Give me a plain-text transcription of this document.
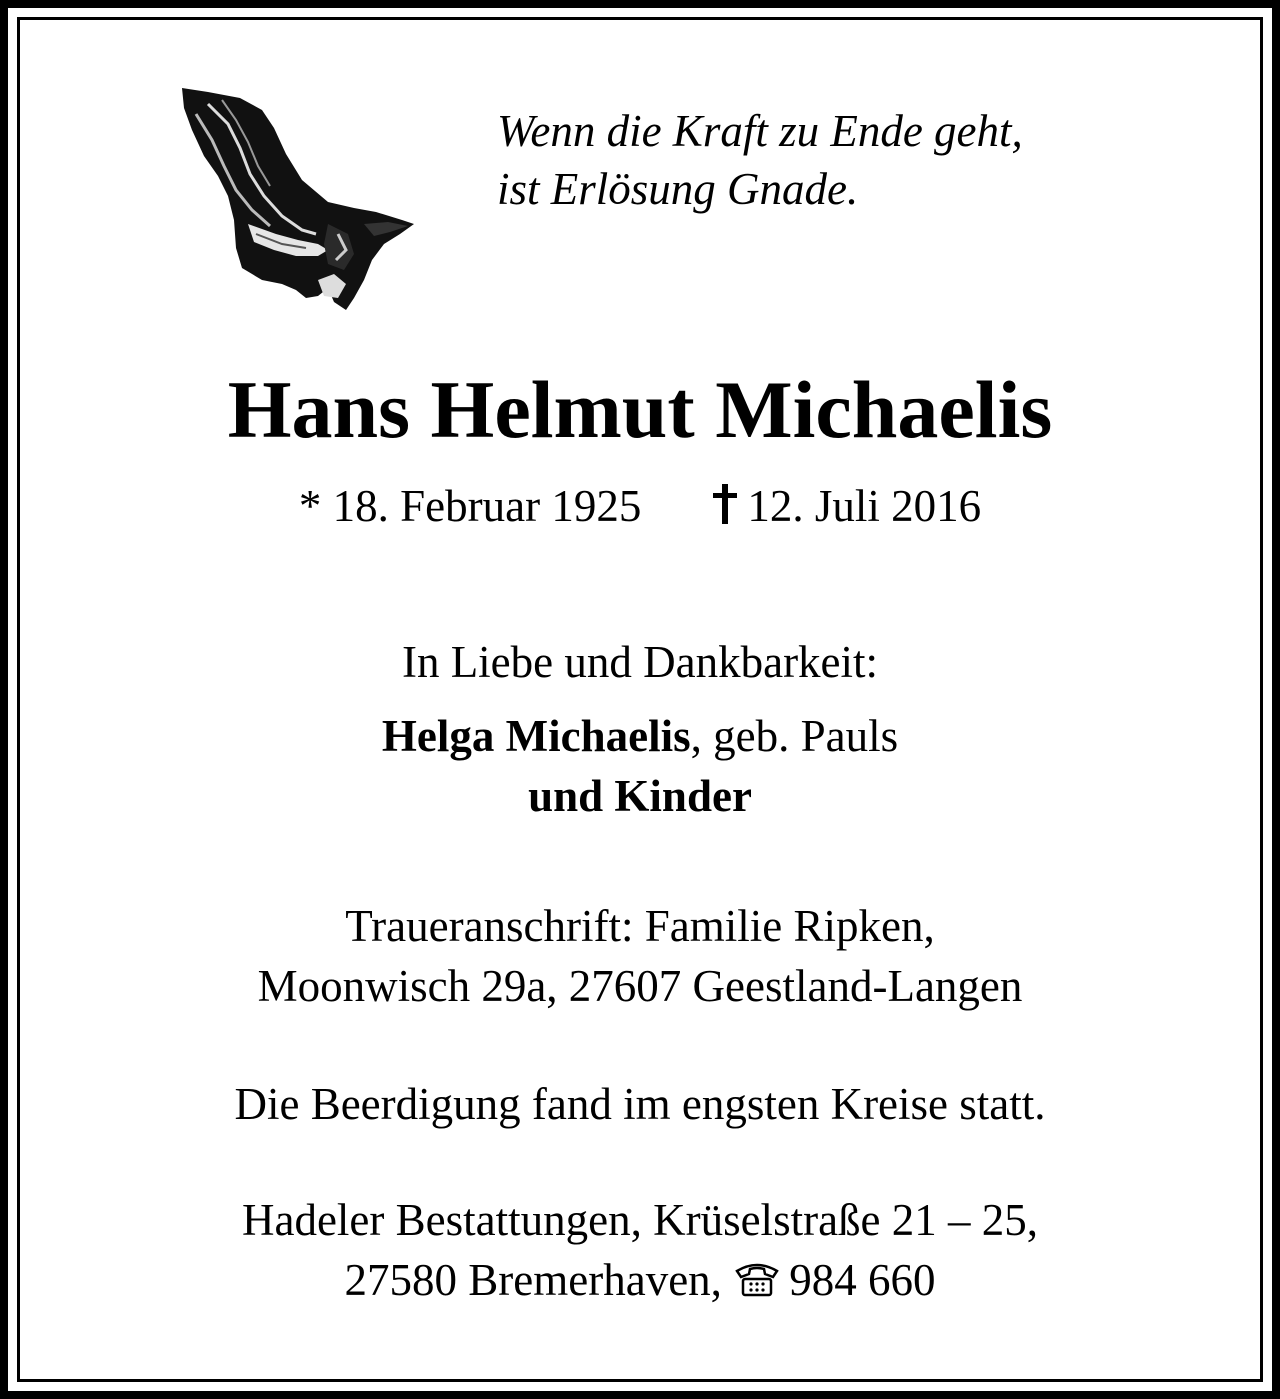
Wenn die Kraft zu Ende geht,
ist Erlösung Gnade.
Hans Helmut Michaelis
* 18. Februar 1925 12. Juli 2016
In Liebe und Dankbarkeit:
Helga Michaelis, geb. Pauls
und Kinder
Traueranschrift: Familie Ripken,
Moonwisch 29a, 27607 Geestland-Langen
Die Beerdigung fand im engsten Kreise statt.
Hadeler Bestattungen, Krüselstraße 21 – 25,
27580 Bremerhaven, 984 660
